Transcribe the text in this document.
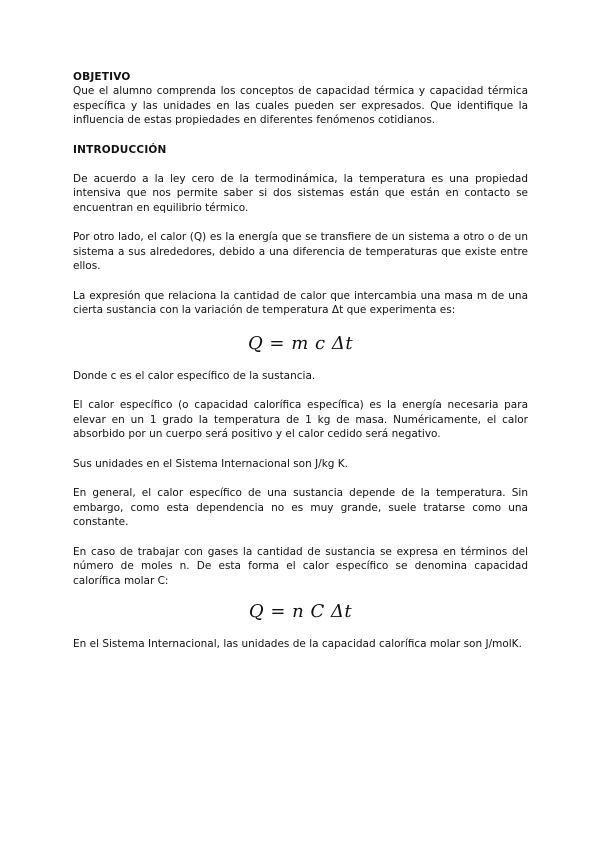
OBJETIVO

Que el alumno comprenda los conceptos de capacidad térmica y capacidad térmica específica y las unidades en las cuales pueden ser expresados. Que identifique la influencia de estas propiedades en diferentes fenómenos cotidianos.

INTRODUCCIÓN

De acuerdo a la ley cero de la termodinámica, la temperatura es una propiedad intensiva que nos permite saber si dos sistemas están que están en contacto se encuentran en equilibrio térmico.

Por otro lado, el calor (Q) es la energía que se transfiere de un sistema a otro o de un sistema a sus alrededores, debido a una diferencia de temperaturas que existe entre ellos.

La expresión que relaciona la cantidad de calor que intercambia una masa m de una cierta sustancia con la variación de temperatura Δt que experimenta es:

Q = m c Δt

Donde c es el calor específico de la sustancia.

El calor específico (o capacidad calorífica específica) es la energía necesaria para elevar en un 1 grado la temperatura de 1 kg de masa. Numéricamente, el calor absorbido por un cuerpo será positivo y el calor cedido será negativo.

Sus unidades en el Sistema Internacional son J/kg K.

En general, el calor específico de una sustancia depende de la temperatura. Sin embargo, como esta dependencia no es muy grande, suele tratarse como una constante.

En caso de trabajar con gases la cantidad de sustancia se expresa en términos del número de moles n. De esta forma el calor específico se denomina capacidad calorífica molar C:

Q = n C Δt

En el Sistema Internacional, las unidades de la capacidad calorífica molar son J/molK.
